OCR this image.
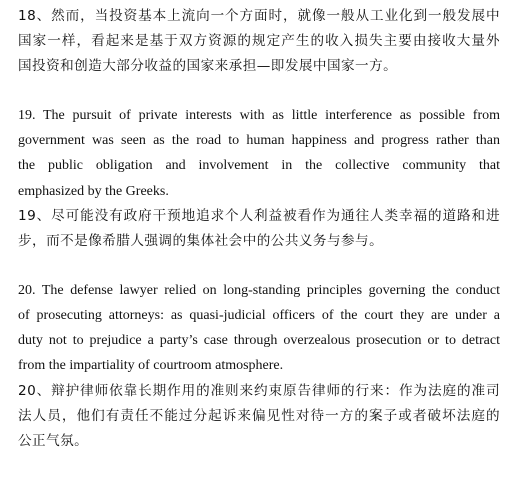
18、然而，当投资基本上流向一个方面时，就像一般从工业化到一般发展中
国家一样，看起来是基于双方资源的规定产生的收入损失主要由接收大量外
国投资和创造大部分收益的国家来承担—即发展中国家一方。

19. The pursuit of private interests with as little interference as possible from
government was seen as the road to human happiness and progress rather than
the public obligation and involvement in the collective community that
emphasized by the Greeks.

19、尽可能没有政府干预地追求个人利益被看作为通往人类幸福的道路和进
步，而不是像希腊人强调的集体社会中的公共义务与参与。

20. The defense lawyer relied on long-standing principles governing the conduct
of prosecuting attorneys: as quasi-judicial officers of the court they are under a
duty not to prejudice a party’s case through overzealous prosecution or to detract
from the impartiality of courtroom atmosphere.

20、辩护律师依靠长期作用的准则来约束原告律师的行来：作为法庭的准司
法人员，他们有责任不能过分起诉来偏见性对待一方的案子或者破坏法庭的
公正气氛。
